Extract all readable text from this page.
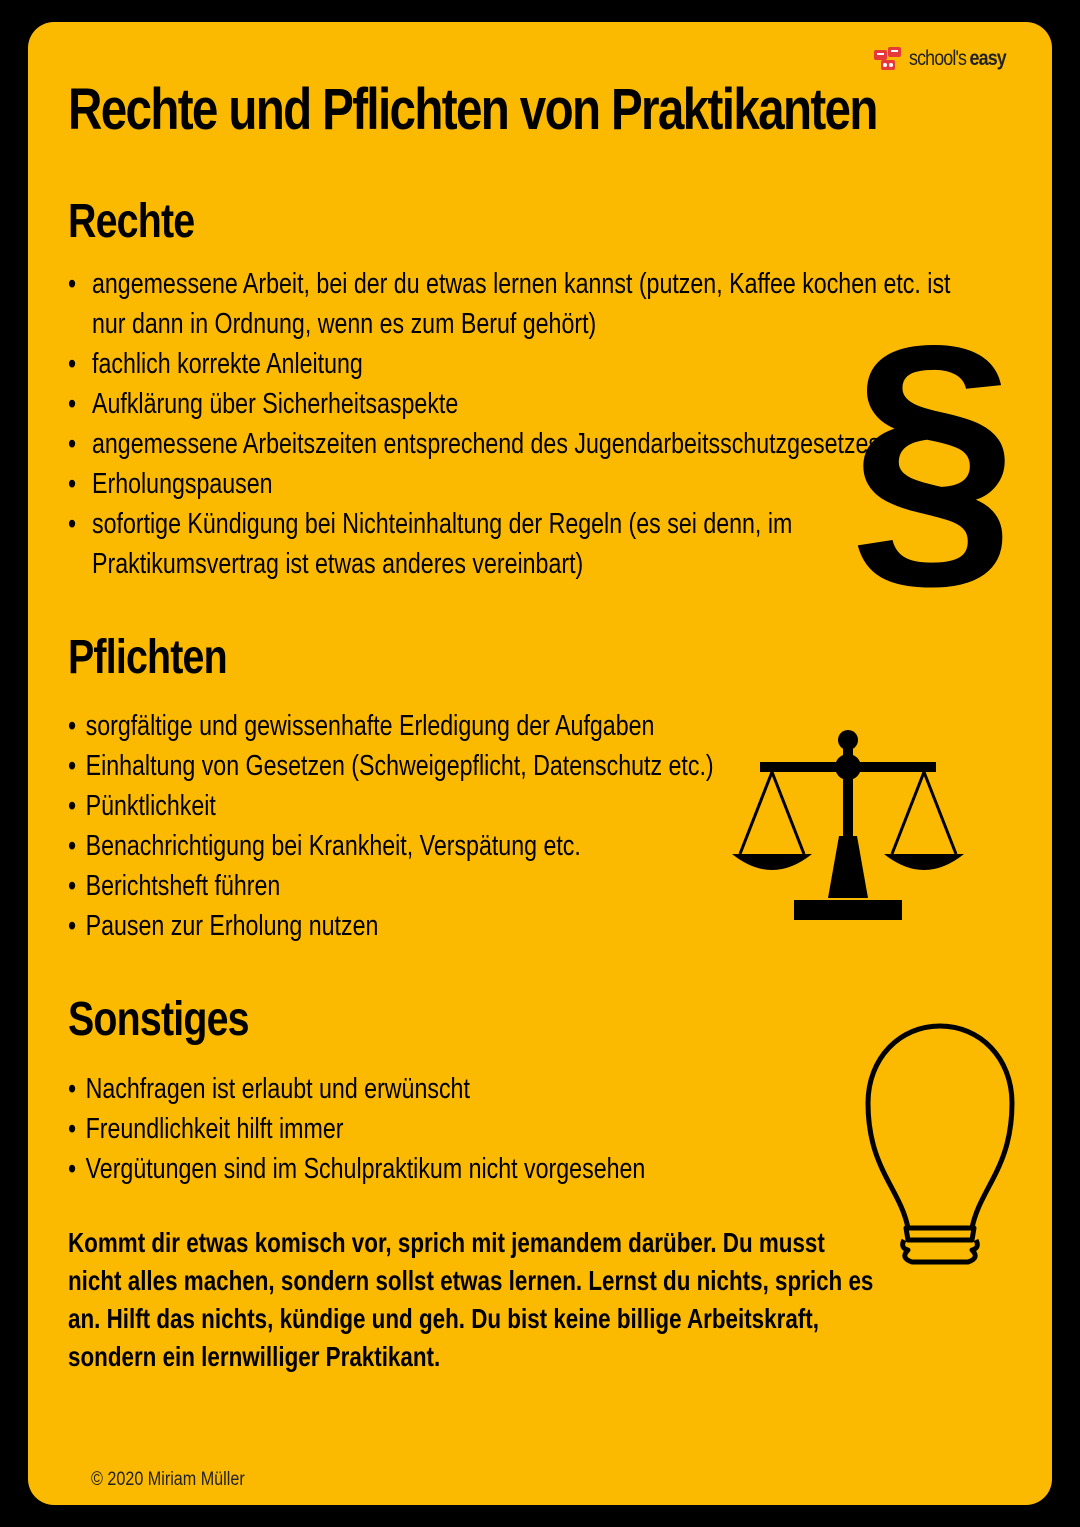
school's easy
Rechte und Pflichten von Praktikanten
Rechte
• angemessene Arbeit, bei der du etwas lernen kannst (putzen, Kaffee kochen etc. ist
nur dann in Ordnung, wenn es zum Beruf gehört)
• fachlich korrekte Anleitung
• Aufklärung über Sicherheitsaspekte
• angemessene Arbeitszeiten entsprechend des Jugendarbeitsschutzgesetzes
• Erholungspausen
• sofortige Kündigung bei Nichteinhaltung der Regeln (es sei denn, im
Praktikumsvertrag ist etwas anderes vereinbart) §
Pflichten
• sorgfältige und gewissenhafte Erledigung der Aufgaben
• Einhaltung von Gesetzen (Schweigepflicht, Datenschutz etc.)
• Pünktlichkeit
• Benachrichtigung bei Krankheit, Verspätung etc.
• Berichtsheft führen
• Pausen zur Erholung nutzen
Sonstiges
• Nachfragen ist erlaubt und erwünscht
• Freundlichkeit hilft immer
• Vergütungen sind im Schulpraktikum nicht vorgesehen

Kommt dir etwas komisch vor, sprich mit jemandem darüber. Du musst
nicht alles machen, sondern sollst etwas lernen. Lernst du nichts, sprich es
an. Hilft das nichts, kündige und geh. Du bist keine billige Arbeitskraft,
sondern ein lernwilliger Praktikant.

© 2020 Miriam Müller
